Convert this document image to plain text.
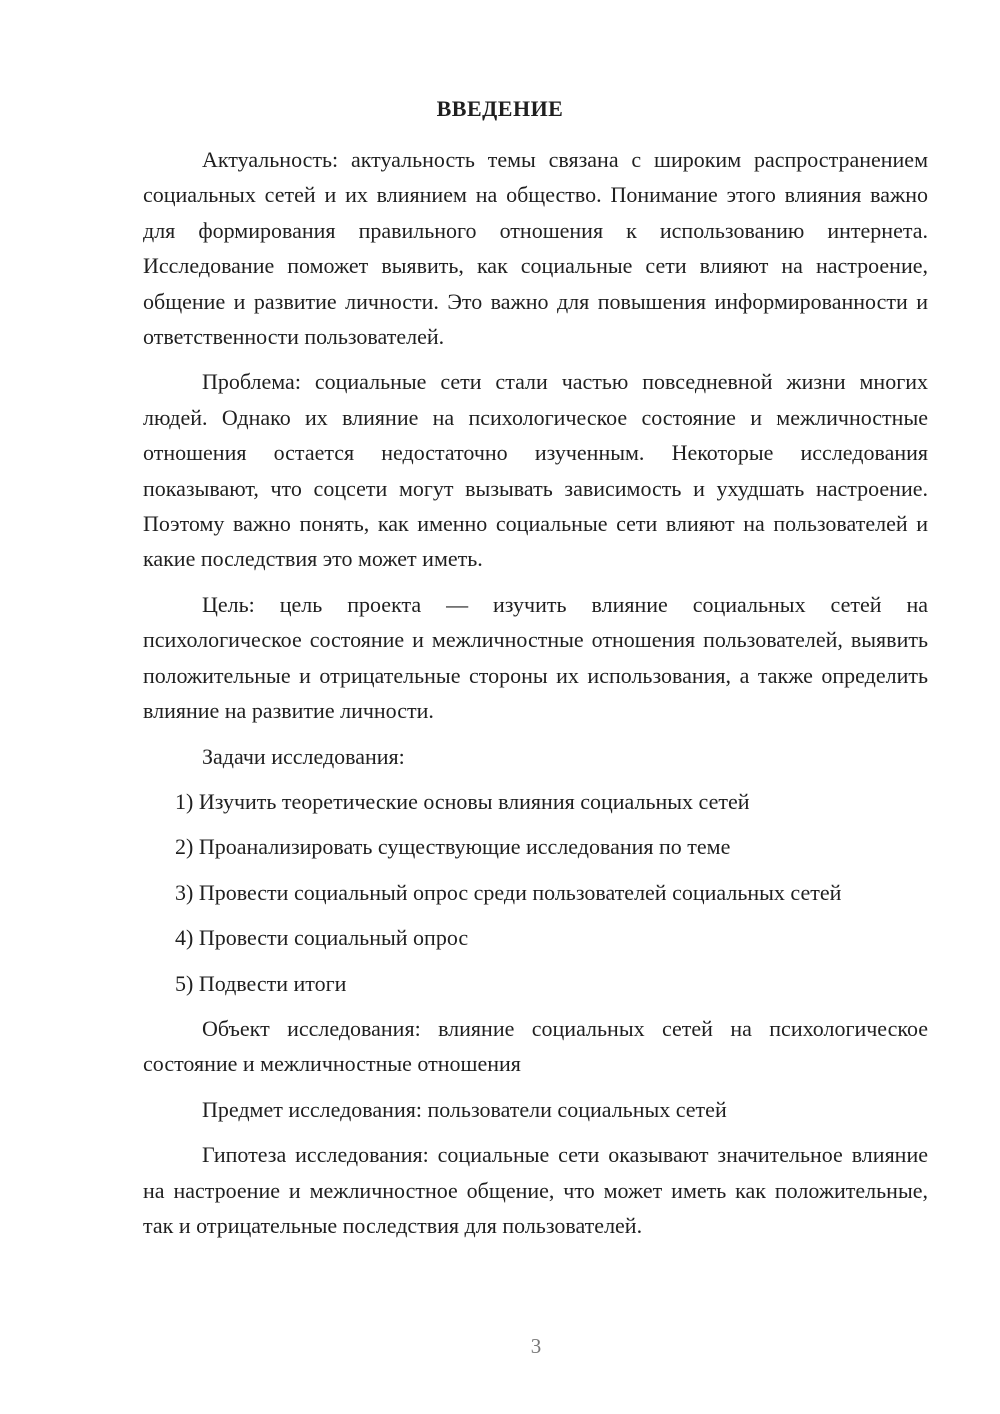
ВВЕДЕНИЕ

Актуальность: актуальность темы связана с широким распространением социальных сетей и их влиянием на общество. Понимание этого влияния важно для формирования правильного отношения к использованию интернета. Исследование поможет выявить, как социальные сети влияют на настроение, общение и развитие личности. Это важно для повышения информированности и ответственности пользователей.

Проблема: социальные сети стали частью повседневной жизни многих людей. Однако их влияние на психологическое состояние и межличностные отношения остается недостаточно изученным. Некоторые исследования показывают, что соцсети могут вызывать зависимость и ухудшать настроение. Поэтому важно понять, как именно социальные сети влияют на пользователей и какие последствия это может иметь.

Цель: цель проекта — изучить влияние социальных сетей на психологическое состояние и межличностные отношения пользователей, выявить положительные и отрицательные стороны их использования, а также определить влияние на развитие личности.

Задачи исследования:

1) Изучить теоретические основы влияния социальных сетей

2) Проанализировать существующие исследования по теме

3) Провести социальный опрос среди пользователей социальных сетей

4) Провести социальный опрос

5) Подвести итоги

Объект исследования: влияние социальных сетей на психологическое состояние и межличностные отношения

Предмет исследования: пользователи социальных сетей

Гипотеза исследования: социальные сети оказывают значительное влияние на настроение и межличностное общение, что может иметь как положительные, так и отрицательные последствия для пользователей.

3
